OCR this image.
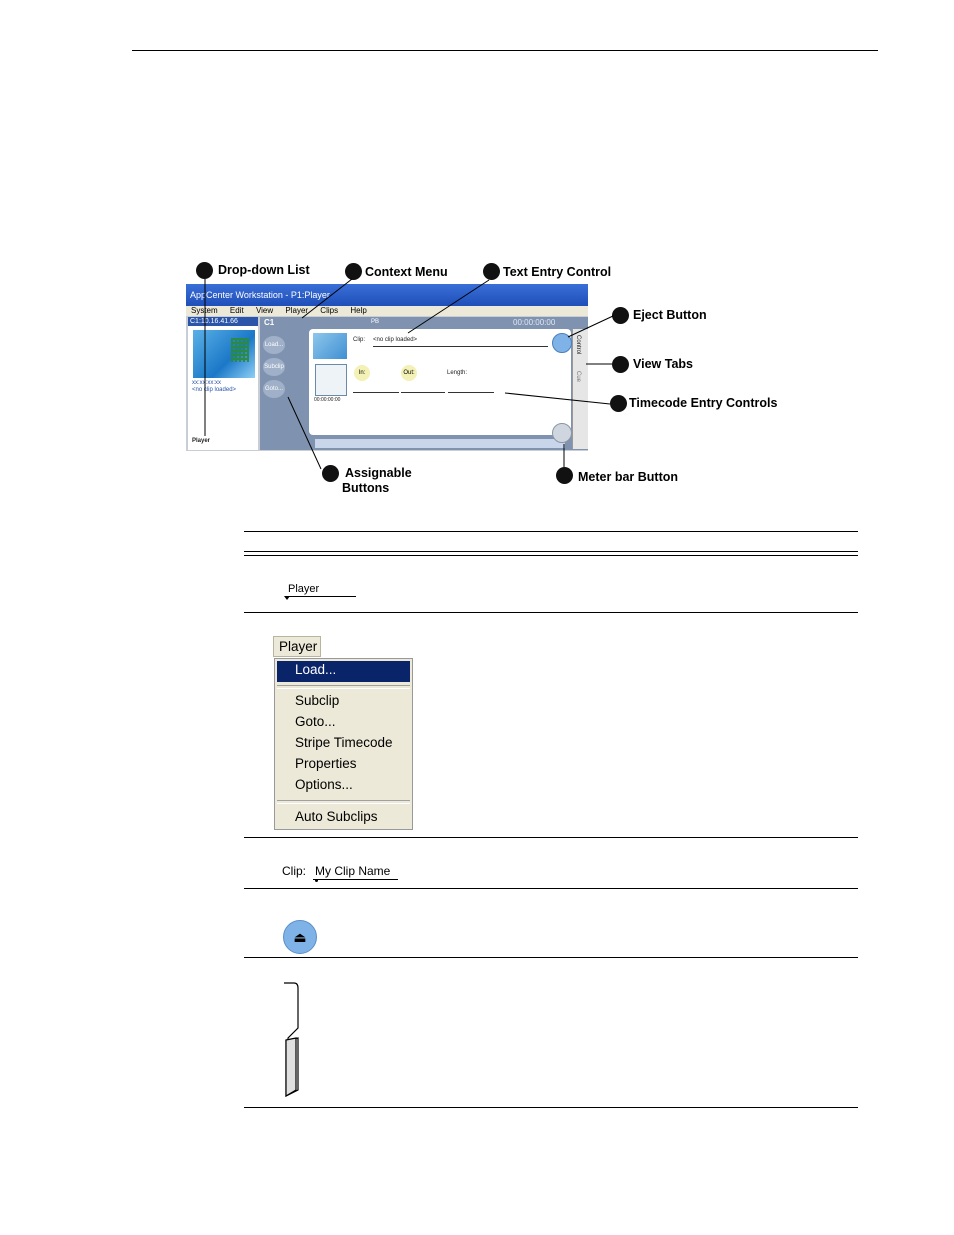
Drop-down List	Context Menu	Text Entry Control
Eject Button
View Tabs
Timecode Entry Controls
Assignable
Buttons
Meter bar Button
AppCenter Workstation - P1:Player
System Edit View Player Clips Help
C1:10.16.41.66
xx:xx:xx:xx
<no clip loaded>
Player
C1
Load...
Subclip
Goto...
PB	00:00:00:00
Clip: <no clip loaded>
00:00:00:00
In:	Out:	Length:
Control
Cue
Player
Player
Load...
Subclip
Goto...
Stripe Timecode
Properties
Options...
Auto Subclips
Clip: My Clip Name
⏏
